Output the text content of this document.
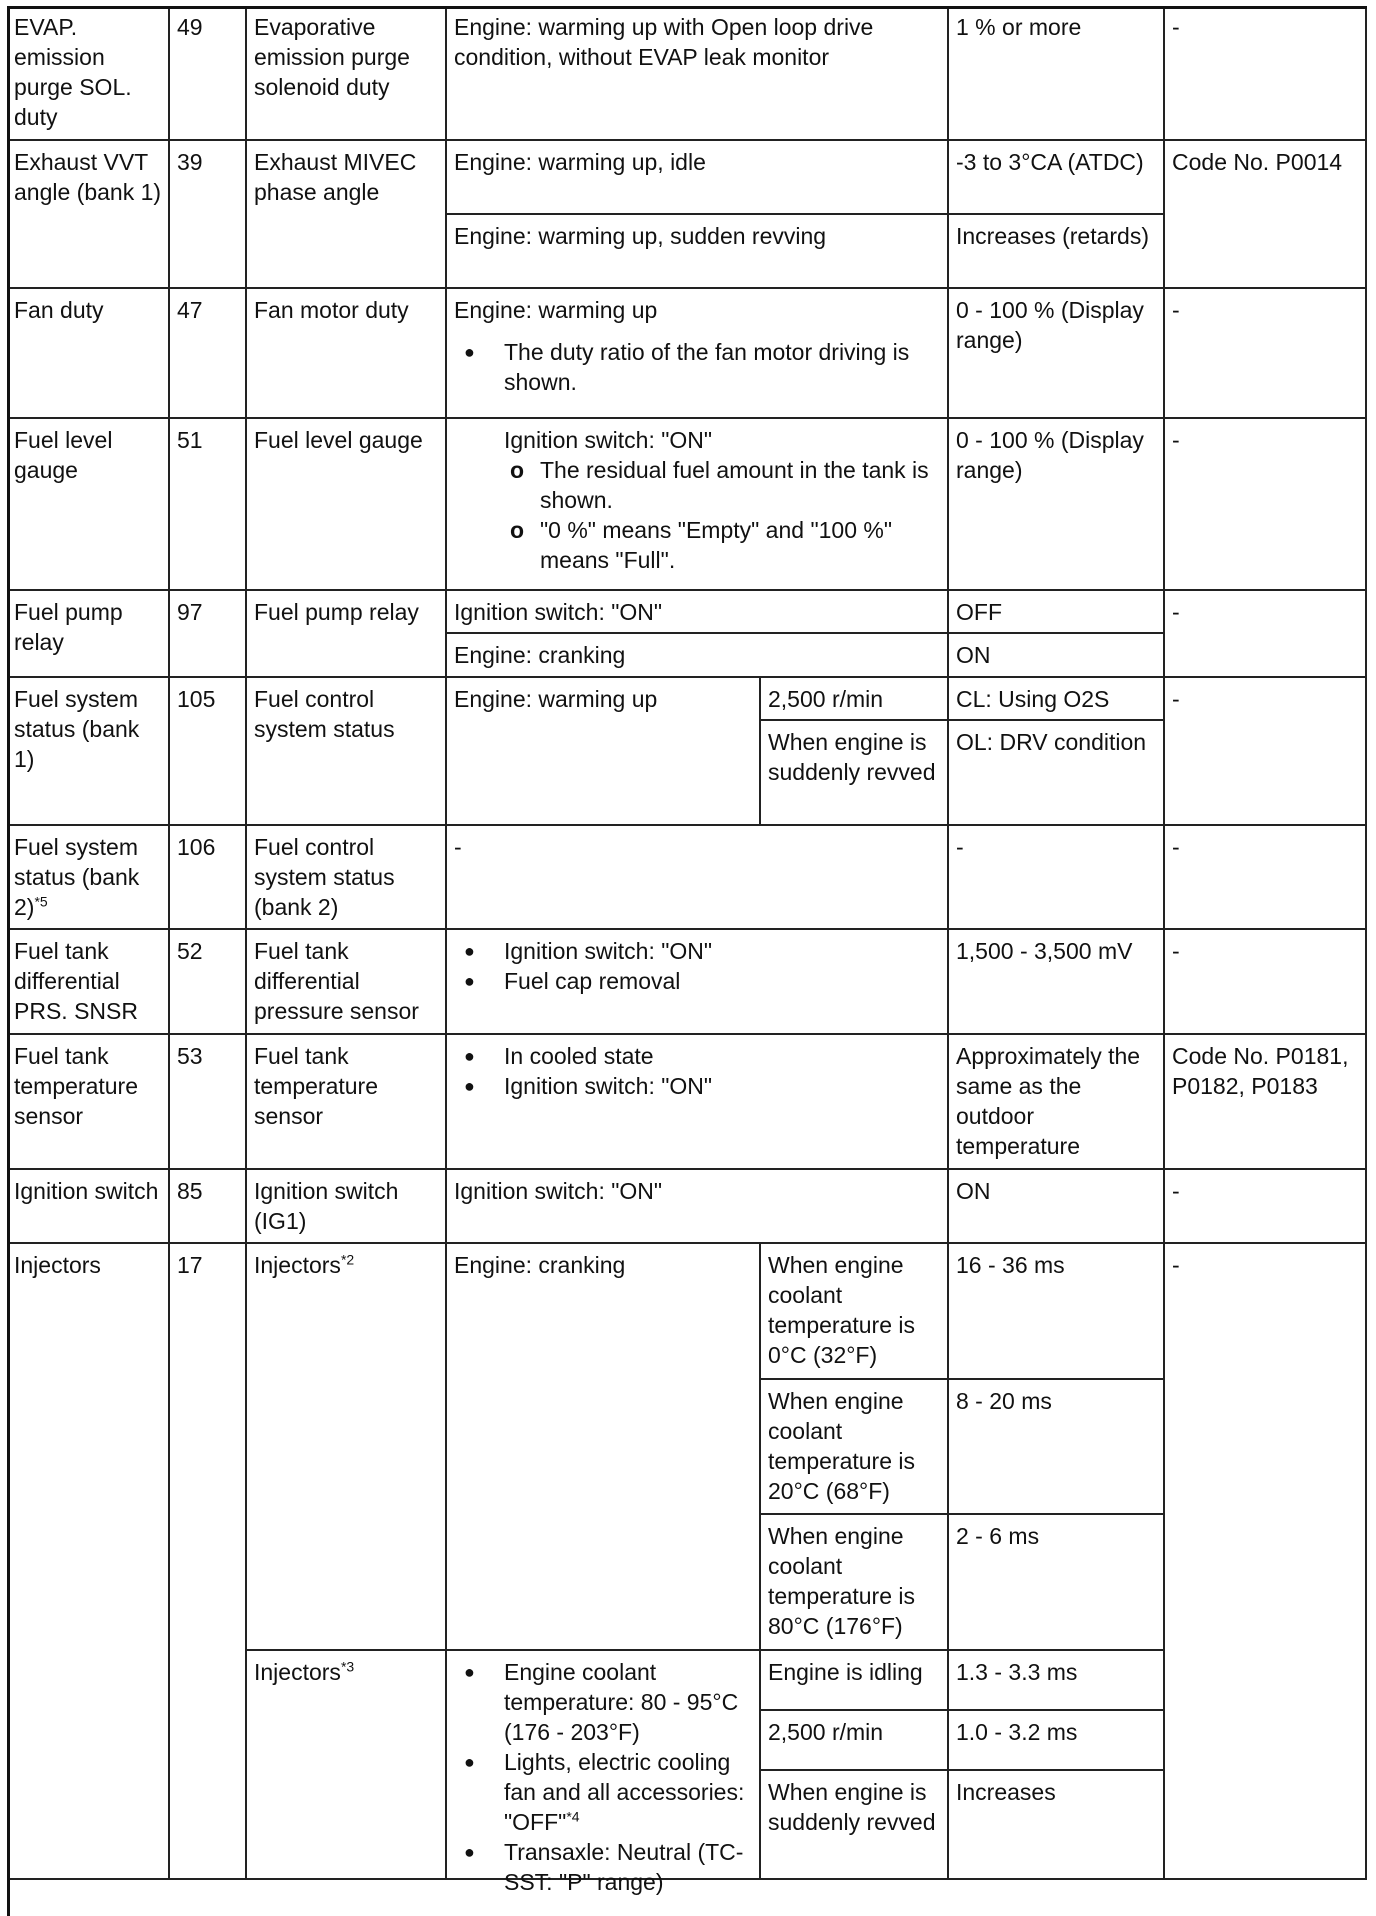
EVAP. emission purge SOL. duty
49	Evaporative emission purge solenoid duty
Engine: warming up with Open loop drive condition, without EVAP leak monitor
1 % or more	-
Exhaust VVT angle (bank 1)
39	Exhaust MIVEC phase angle
Engine: warming up, idle	-3 to 3°CA (ATDC)
Engine: warming up, sudden revving	Increases (retards)
Code No. P0014
Fan duty	47	Fan motor duty	Engine: warming up
● The duty ratio of the fan motor driving is shown.
0 - 100 % (Display range)
-
Fuel level gauge
51	Fuel level gauge	Ignition switch: "ON"
o The residual fuel amount in the tank is shown.
o "0 %" means "Empty" and "100 %" means "Full".
0 - 100 % (Display range)
-
Fuel pump relay
97	Fuel pump relay	Ignition switch: "ON"	OFF
Engine: cranking	ON
-
Fuel system status (bank 1)
105	Fuel control system status
Engine: warming up	2,500 r/min	CL: Using O2S
When engine is suddenly revved
OL: DRV condition
-
Fuel system status (bank 2)$^{*5}$
106	Fuel control system status (bank 2)
-	-	-
Fuel tank differential PRS. SNSR
52	Fuel tank differential pressure sensor
● Ignition switch: "ON"
● Fuel cap removal
1,500 - 3,500 mV	-
Fuel tank temperature sensor
53	Fuel tank temperature sensor
● In cooled state
● Ignition switch: "ON"
Approximately the same as the outdoor temperature
Code No. P0181, P0182, P0183
Ignition switch 85	Ignition switch (IG1)
Ignition switch: "ON"	ON	-
Injectors	17	-
Injectors$^{*2}$	Engine: cranking	When engine coolant temperature is 0°C (32°F)
16 - 36 ms
When engine coolant temperature is 20°C (68°F)
8 - 20 ms
When engine coolant temperature is 80°C (176°F)
2 - 6 ms
Injectors$^{*3}$
●	Engine coolant temperature: 80 - 95°C (176 - 203°F)
● Lights, electric cooling fan and all accessories: "OFF"$^{*4}$
● Transaxle: Neutral (TC-SST: "P" range)
Engine is idling	1.3 - 3.3 ms
2,500 r/min	1.0 - 3.2 ms
When engine is suddenly revved
Increases
